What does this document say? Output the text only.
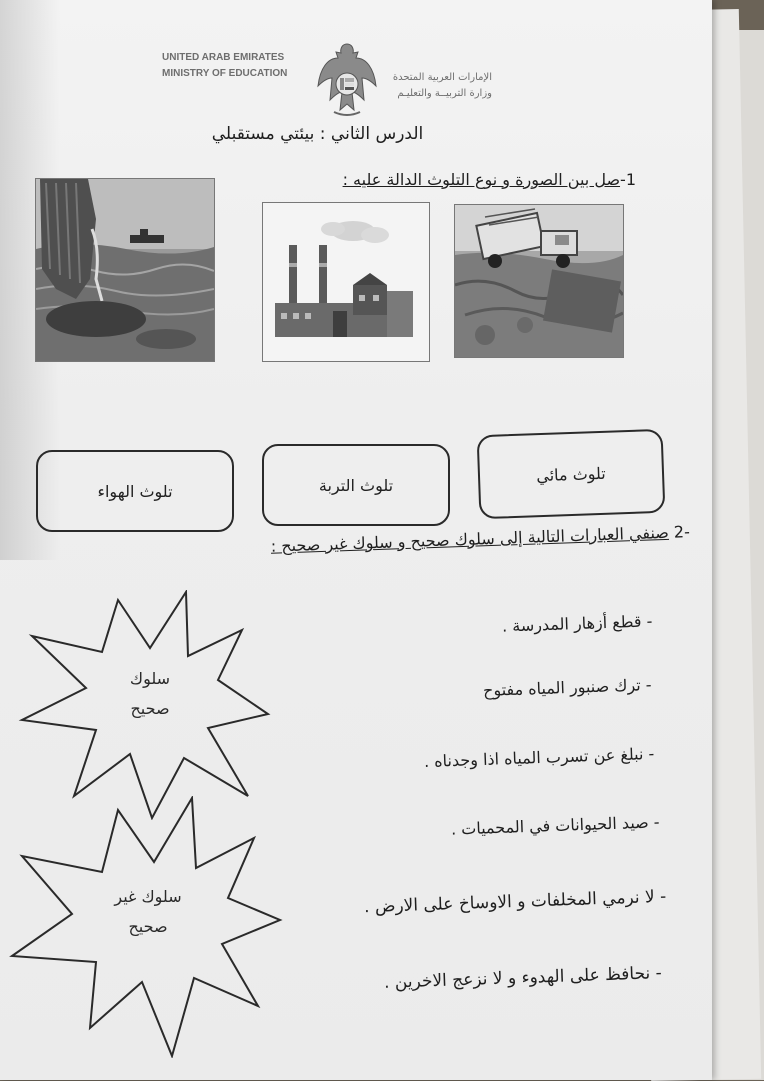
UNITED ARAB EMIRATES
MINISTRY OF EDUCATION	الإمارات العربية المتحدة
وزارة التربيــة والتعليـم
الدرس الثاني : بيئتي مستقبلي
1-صل بين الصورة و نوع التلوث الدالة عليه :
تلوث الهواء	تلوث التربة
تلوث مائي
-2 صنفي العبارات التالية إلى سلوك صحيح و سلوك غير صحيح :
- قطع أزهار المدرسة .
- ترك صنبور المياه مفتوح
- نبلغ عن تسرب المياه اذا وجدناه .
- صيد الحيوانات في المحميات .
- لا نرمي المخلفات و الاوساخ على الارض .
- نحافظ على الهدوء و لا نزعج الاخرين .
سلوك
صحيح
سلوك غير
صحيح
